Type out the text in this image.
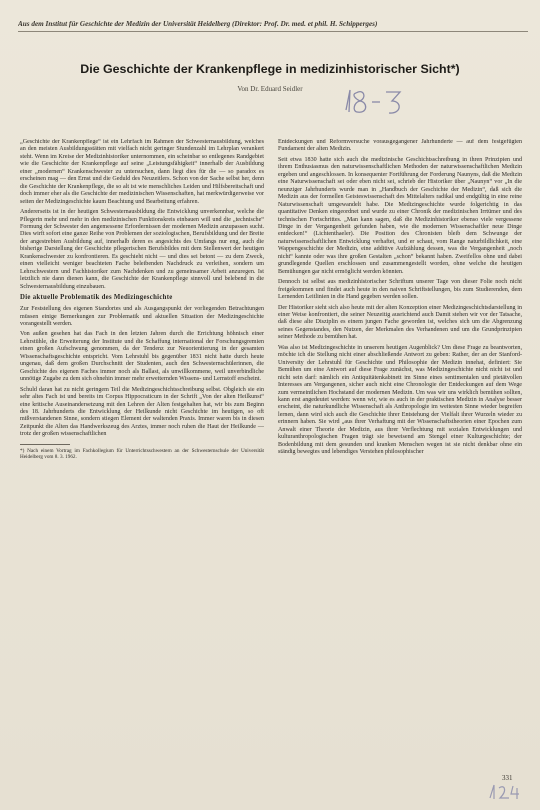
Aus dem Institut für Geschichte der Medizin der Universität Heidelberg (Direktor: Prof. Dr. med. et phil. H. Schipperges)
Die Geschichte der Krankenpflege in medizinhistorischer Sicht*)
Von Dr. Eduard Seidler

„Geschichte der Krankenpflege“ ist ein Lehrfach im Rahmen der Schwesternausbildung, welches an den meisten Ausbildungsstätten mit vielfach nicht geringer Stundenzahl im Lehrplan verankert steht. Wenn im Kreise der Medizinhistoriker unternommen, ein scheinbar so entlegenes Randgebiet wie die Geschichte der Krankenpflege auf seine „Leistungsfähigkeit“ innerhalb der Ausbildung einer „modernen“ Krankenschwester zu untersuchen, dann liegt dies für die — so paradox es erscheinen mag — den Ernst und die Geduld des Neuzeitlers. Schon von der Sache selbst her, denn die Geschichte der Krankenpflege, die so alt ist wie menschliches Leiden und Hilfsbereitschaft und doch immer eher als die Geschichte der medizinischen Wissenschaften, hat merkwürdigerweise vor seiten der Medizingeschichte kaum Beachtung und Bearbeitung erfahren.

Andererseits ist in der heutigen Schwesternausbildung die Entwicklung unverkennbar, welche die Pflegerin mehr und mehr in den medizinischen Funktionskreis einbauen will und die „technische“ Formung der Schwester den angemessene Erfordernissen der modernen Medizin anzupassen sucht. Dies wirft sofort eine ganze Reihe von Problemen der soziologischen, Berufsbildung und der Breite der angestrebten Ausbildung auf, innerhalb deren es angesichts des Umfangs nur eng, auch die bisherige Darstellung der Geschichte pflegerischen Berufsbildes mit dem Stellenwert der heutigen Krankenschwester zu konfrontieren. Es geschieht nicht — und dies sei betont — zu dem Zweck, einen vielleicht weniger beachteten Fache beleibenden Nachdruck zu verleihen, sondern um Lehrschwestern und Fachhistoriker zum Nachdenken und zu gemeinsamer Arbeit anzuregen. Ist letztlich nie dann dienen kann, die Geschichte der Krankenpflege sinnvoll und belebend in die Schwesternausbildung einzubauen.

Die aktuelle Problematik des Medizingeschichte

Zur Feststellung des eigenen Standortes und als Ausgangspunkt der vorliegenden Betrachtungen müssen einige Bemerkungen zur Problematik und aktuellen Situation der Medizingeschichte vorangestellt werden.

Von außen gesehen hat das Fach in den letzten Jahren durch die Errichtung höhnisch einer Lehrstühle, die Erweiterung der Institute und die Schaffung international der Forschungsgremien einen großen Aufschwung genommen, da der Tendenz zur Neuorientierung in der gesamten Wissenschaftsgeschichte entspricht. Vom Lehrstuhl bis gegenüber 1831 nicht hatte durch heute ungenau, daß dem großen Durchschnitt der Studenten, auch den Schwesternschülerinnen, die Geschichte des eigenen Faches immer noch als Ballast, als unwillkommene, weil unverbindliche unnötige Zugabe zu dem sich ohnehin immer mehr erweiternden Wissens- und Lernstoff erscheint.

Schuld daran hat zu nicht geringem Teil die Medizingeschichtsschreibung selbst. Obgleich sie ein sehr altes Fach ist und bereits im Corpus Hippocraticum in der Schrift „Von der alten Heilkunst“ eine kritische Auseinandersetzung mit den Lehren der Alten festgehalten hat, wir bis zum Beginn des 18. Jahrhunderts die Entwicklung der Heilkunde nicht Geschichte im heutigen, so oft mißverstandenen Sinne, sondern stiegen Element der waltenden Praxis. Immer waren bis in diesen Zeitpunkt die Alten das Handwerkszeug des Arztes, immer noch ruhen die Haut der Heilkunde — trotz der großen wissenschaftlichen

*) Nach einem Vortrag im Fachkollegium für Unterrichtsschwestern an der Schwesternschule der Universität Heidelberg vom 8. 3. 1962.

Entdeckungen und Reformversuche vorausgegangener Jahrhunderte — auf dem festgefügten Fundament der alten Medizin.

Seit etwa 1830 hatte sich auch die medizinische Geschichtsschreibung in ihren Prinzipien und ihrem Enthusiasmus den naturwissenschaftlichen Methoden der naturwissenschaftlichen Medizin ergeben und angeschlossen. In konsequenter Fortführung der Forderung Naunyns, daß die Medizin eine Naturwissenschaft sei oder eben nicht sei, schrieb der Historiker über „Naunyn“ vor „In die neunziger Jahrhunderts wurde man in „Handbuch der Geschichte der Medizin“, daß sich die Medizin aus der formellen Geisteswissenschaft des Mittelalters radikal und endgültig in eine reine Naturwissenschaft umgewandelt habe. Die Medizingeschichte wurde folgerichtig in das quantitative Denken eingeordnet und wurde zu einer Chronik der medizinischen Irrtümer und des technischen Fortschrittes. „Man kann sagen, daß die Medizinhistoriker ebenso viele vergessene Dinge in der Vergangenheit gefunden haben, wie die modernen Wissenschaftler neue Dinge entdecken!“ (Lichtenthaeler). Die Position des Chronisten bleib dem Schwunge der naturwissenschaftlichen Entwicklung verhaftet, und er schaut, vom Range naturbildlichkeit, eine Wappengeschichte der Medizin, eine additive Aufzählung dessen, was die Vergangenheit „noch nicht“ kannte oder was ihre großen Gestalten „schon“ bekannt haben. Zweifellos ohne und dabei grundlegende Quellen erschlossen und zusammengestellt worden, ohne welche die heutigen Bemühungen gar nicht ermöglicht werden könnten.

Dennoch ist selbst aus medizinhistorischer Schriftum unserer Tage von dieser Folie noch nicht freigekommen und findet auch heute in den naiven Schriftstellungen, bis zum Studierenden, dem Lernenden Leitlinien in die Hand gegeben werden sollen.

Der Historiker sieht sich also heute mit der alten Konzeption einer Medizingeschichtsdarstellung in einer Weise konfrontiert, die seiner Neuzeitig ausrichtend auch Damit stehen wir vor der Tatsache, daß diese alte Disziplin es einem jungen Fache geworden ist, welches sich um die Abgrenzung seines Gegenstandes, den Nutzen, der Merkmalen des Verhandenen und um die Grundprinzipien seiner Methode zu bemühen hat.

Was also ist Medizingeschichte in unserem heutigen Augenblick? Um diese Frage zu beantworten, möchte ich die Stellung nicht einer abschließende Antwort zu geben: Rather, der an der Stanford-University der Lehrstuhl für Geschichte und Philosophie der Medizin innehat, definiert: Sie Bemühen um eine Antwort auf diese Frage zunächst, was Medizingeschichte nicht nicht ist und nicht sein darf: nämlich ein Antiquitätenkabinett im Sinne eines sentimentalen und pietätvollen Interesses am Vergangenen, sicher auch nicht eine Chronologie der Entdeckungen auf dem Wege zum vermeintlichen Hochstand der modernen Medizin. Um was wir uns wirklich bemühen sollten, kann erst angedeutet werden: wenn wir, wie es auch in der praktischen Medizin in Analyse besser erscheint, die naturkundliche Wissenschaft als Anthropologie im weitesten Sinne wieder begreifen lernen, dann wird sich auch die Geschichte ihrer Entstehung der Vielfalt ihrer Wurzeln wieder zu erinnern haben. Sie wird „aus ihrer Verhaftung mit der Wissenschaftstheorien einer Epochen zum Anwalt einer Theorie der Medizin, aus ihrer Verflechtung mit sozialen Entwicklungen und kulturanthropologischen Fragen trägt sie beweisend am Stengel einer Kulturgeschichte; der Bodenbildung mit dem gesunden und kranken Menschen wegen ist sie nicht denkbar ohne ein ständig bewegtes und lebendiges Verstehen philosophischer

331
